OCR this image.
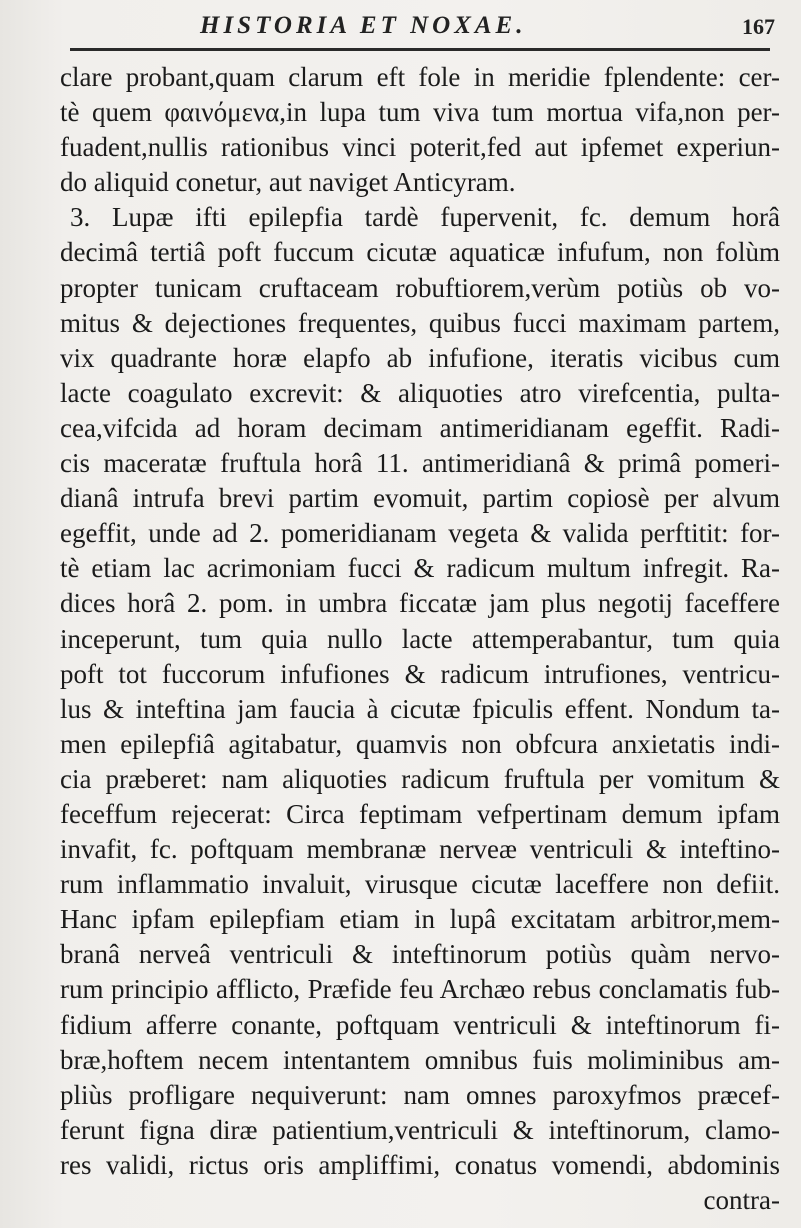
HISTORIA ET NOXAE.	167
clare probant,quam clarum eft fole in meridie fplendente: cer-
tè quem φαινόμενα,in lupa tum viva tum mortua vifa,non per-
fuadent,nullis rationibus vinci poterit,fed aut ipfemet experiun-
do aliquid conetur, aut naviget Anticyram.
3. Lupæ ifti epilepfia tardè fupervenit, fc. demum horâ
decimâ tertiâ poft fuccum cicutæ aquaticæ infufum, non folùm
propter tunicam cruftaceam robuftiorem,verùm potiùs ob vo-
mitus & dejectiones frequentes, quibus fucci maximam partem,
vix quadrante horæ elapfo ab infufione, iteratis vicibus cum
lacte coagulato excrevit: & aliquoties atro virefcentia, pulta-
cea,vifcida ad horam decimam antimeridianam egeffit. Radi-
cis maceratæ fruftula horâ 11. antimeridianâ & primâ pomeri-
dianâ intrufa brevi partim evomuit, partim copiosè per alvum
egeffit, unde ad 2. pomeridianam vegeta & valida perftitit: for-
tè etiam lac acrimoniam fucci & radicum multum infregit. Ra-
dices horâ 2. pom. in umbra ficcatæ jam plus negotij faceffere
inceperunt, tum quia nullo lacte attemperabantur, tum quia
poft tot fuccorum infufiones & radicum intrufiones, ventricu-
lus & inteftina jam faucia à cicutæ fpiculis effent. Nondum ta-
men epilepfiâ agitabatur, quamvis non obfcura anxietatis indi-
cia præberet: nam aliquoties radicum fruftula per vomitum &
feceffum rejecerat: Circa feptimam vefpertinam demum ipfam
invafit, fc. poftquam membranæ nerveæ ventriculi & inteftino-
rum inflammatio invaluit, virusque cicutæ laceffere non defiit.
Hanc ipfam epilepfiam etiam in lupâ excitatam arbitror,mem-
branâ nerveâ ventriculi & inteftinorum potiùs quàm nervo-
rum principio afflicto, Præfide feu Archæo rebus conclamatis fub-
fidium afferre conante, poftquam ventriculi & inteftinorum fi-
bræ,hoftem necem intentantem omnibus fuis moliminibus am-
pliùs profligare nequiverunt: nam omnes paroxyfmos præcef-
ferunt figna diræ patientium,ventriculi & inteftinorum, clamo-
res validi, rictus oris ampliffimi, conatus vomendi, abdominis
contra-
